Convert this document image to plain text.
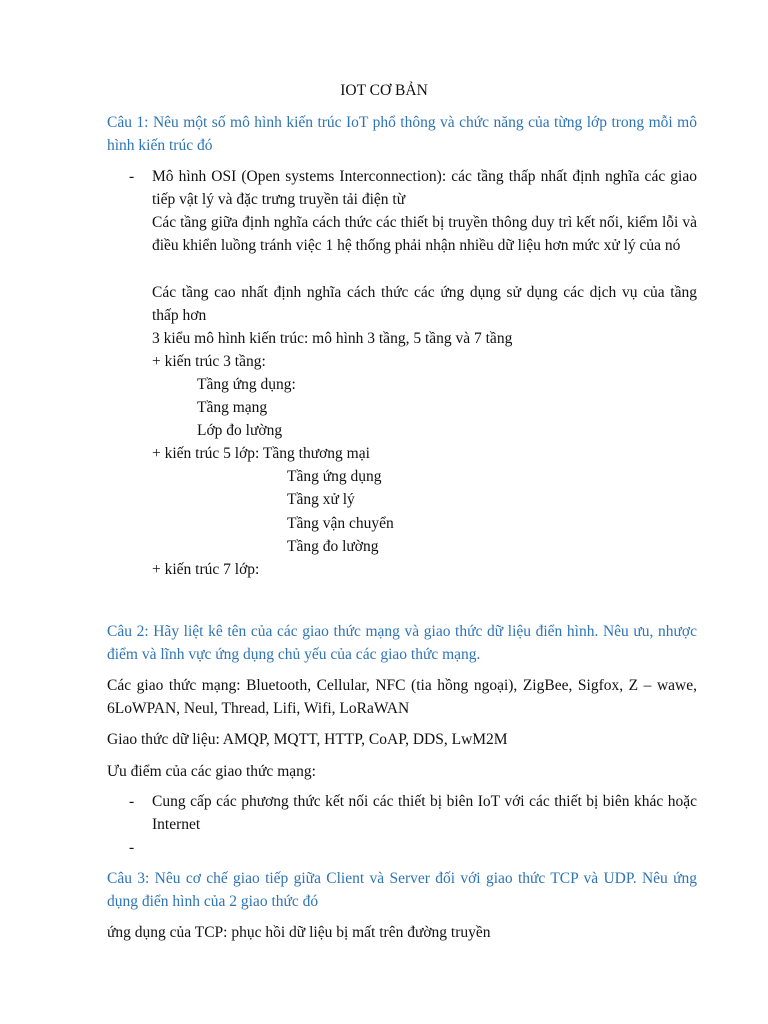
IOT CƠ BẢN
Câu 1: Nêu một số mô hình kiến trúc IoT phổ thông và chức năng của từng lớp trong mỗi mô hình kiến trúc đó
- Mô hình OSI (Open systems Interconnection): các tầng thấp nhất định nghĩa các giao tiếp vật lý và đặc trưng truyền tải điện từ
Các tầng giữa định nghĩa cách thức các thiết bị truyền thông duy trì kết nối, kiểm lỗi và điều khiển luồng tránh việc 1 hệ thống phải nhận nhiều dữ liệu hơn mức xử lý của nó
Các tầng cao nhất định nghĩa cách thức các ứng dụng sử dụng các dịch vụ của tầng thấp hơn
3 kiểu mô hình kiến trúc: mô hình 3 tầng, 5 tầng và 7 tầng
+ kiến trúc 3 tầng:
Tầng ứng dụng:
Tầng mạng
Lớp đo lường
+ kiến trúc 5 lớp: Tầng thương mại
Tầng ứng dụng
Tầng xử lý
Tầng vận chuyển
Tầng đo lường
+ kiến trúc 7 lớp:
Câu 2: Hãy liệt kê tên của các giao thức mạng và giao thức dữ liệu điển hình. Nêu ưu, nhược điểm và lĩnh vực ứng dụng chủ yếu của các giao thức mạng.
Các giao thức mạng: Bluetooth, Cellular, NFC (tia hồng ngoại), ZigBee, Sigfox, Z – wawe, 6LoWPAN, Neul, Thread, Lifi, Wifi, LoRaWAN
Giao thức dữ liệu: AMQP, MQTT, HTTP, CoAP, DDS, LwM2M
Ưu điểm của các giao thức mạng:
- Cung cấp các phương thức kết nối các thiết bị biên IoT với các thiết bị biên khác hoặc Internet
-
Câu 3: Nêu cơ chế giao tiếp giữa Client và Server đối với giao thức TCP và UDP. Nêu ứng dụng điển hình của 2 giao thức đó
ứng dụng của TCP: phục hồi dữ liệu bị mất trên đường truyền
